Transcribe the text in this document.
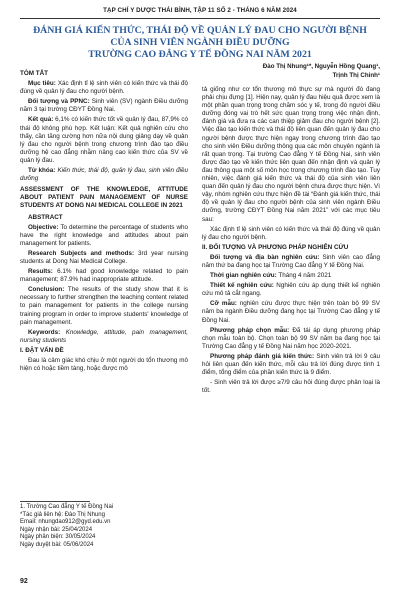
TẠP CHÍ Y DƯỢC THÁI BÌNH, TẬP 11 SỐ 2 - THÁNG 6 NĂM 2024
ĐÁNH GIÁ KIẾN THỨC, THÁI ĐỘ VỀ QUẢN LÝ ĐAU CHO NGƯỜI BỆNH
CỦA SINH VIÊN NGÀNH ĐIỀU DƯỠNG
TRƯỜNG CAO ĐẲNG Y TẾ ĐỒNG NAI NĂM 2021
Đào Thị Nhung¹*, Nguyễn Hồng Quang¹,
Trịnh Thị Chinh¹

TÓM TẮT

Mục tiêu: Xác định tỉ lệ sinh viên có kiến thức và thái độ đúng về quản lý đau cho người bệnh.

Đối tượng và PPNC: Sinh viên (SV) ngành Điều dưỡng năm 3 tại trường CĐYT Đồng Nai.

Kết quả: 6,1% có kiến thức tốt về quản lý đau, 87,9% có thái độ không phù hợp. Kết luận: Kết quả nghiên cứu cho thấy, cần tăng cường hơn nữa nội dung giảng dạy về quản lý đau cho người bệnh trong chương trình đào tạo điều dưỡng hệ cao đẳng nhằm nâng cao kiến thức của SV về quản lý đau.

Từ khóa: Kiến thức, thái độ, quản lý đau, sinh viên điều dưỡng

ASSESSMENT OF THE KNOWLEDGE, ATTITUDE ABOUT PATIENT PAIN MANAGEMENT OF NURSE STUDENTS AT DONG NAI MEDICAL COLLEGE IN 2021

ABSTRACT

Objective: To determine the percentage of students who have the right knowledge and attitudes about pain management for patients.

Research Subjects and methods: 3rd year nursing students at Dong Nai Medical College.

Results: 6.1% had good knowledge related to pain management; 87.9% had inappropriate attitude.

Conclusion: The results of the study show that it is necessary to further strengthen the teaching content related to pain management for patients in the college nursing training program in order to improve students' knowledge of pain management.

Keywords: Knowledge, attitude, pain management, nursing students

I. ĐẶT VẤN ĐỀ

Đau là cảm giác khó chịu ở một người do tổn thương mô hiện có hoặc tiềm tàng, hoặc được mô

1. Trường Cao đẳng Y tế Đồng Nai
*Tác giả liên hệ: Đào Thị Nhung
Email: nhungdao912@gyd.edu.vn
Ngày nhận bài: 25/04/2024
Ngày phản biện: 30/05/2024
Ngày duyệt bài: 05/06/2024

tả giống như cơ tổn thương mô thực sự mà người đó đang phải chịu đựng [1]. Hiện nay, quản lý đau hiệu quả được xem là một phần quan trọng trong chăm sóc y tế, trong đó người điều dưỡng đóng vai trò hết sức quan trọng trong việc nhận định, đánh giá và đưa ra các can thiệp giảm đau cho người bệnh [2]. Việc đào tạo kiến thức và thái độ liên quan đến quản lý đau cho người bệnh được thực hiện ngay trong chương trình đào tạo cho sinh viên Điều dưỡng thông qua các môn chuyên ngành là rất quan trọng. Tại trường Cao đẳng Y tế Đồng Nai, sinh viên được đào tạo về kiến thức liên quan đến nhận định và quản lý đau thông qua một số môn học trong chương trình đào tạo. Tuy nhiên, việc đánh giá kiến thức và thái độ của sinh viên liên quan đến quản lý đau cho người bệnh chưa được thực hiện. Vì vậy, nhóm nghiên cứu thực hiện đề tài “Đánh giá kiến thức, thái độ về quản lý đau cho người bệnh của sinh viên ngành Điều dưỡng, trường CĐYT Đồng Nai năm 2021” với các mục tiêu sau:

Xác định tỉ lệ sinh viên có kiến thức và thái độ đúng về quản lý đau cho người bệnh.

II. ĐỐI TƯỢNG VÀ PHƯƠNG PHÁP NGHIÊN CỨU

Đối tượng và địa bàn nghiên cứu: Sinh viên cao đẳng năm thứ ba đang học tại Trường Cao đẳng Y tế Đồng Nai.

Thời gian nghiên cứu: Tháng 4 năm 2021

Thiết kế nghiên cứu: Nghiên cứu áp dụng thiết kế nghiên cứu mô tả cắt ngang.

Cỡ mẫu: nghiên cứu được thực hiện trên toàn bộ 99 SV năm ba ngành Điều dưỡng đang học tại Trường Cao đẳng y tế Đồng Nai.

Phương pháp chọn mẫu: Đã tái áp dụng phương pháp chọn mẫu toàn bộ. Chọn toàn bộ 99 SV năm ba đang học tại Trường Cao đẳng y tế Đồng Nai năm học 2020-2021.

Phương pháp đánh giá kiến thức: Sinh viên trả lời 9 câu hỏi liên quan đến kiến thức, mỗi câu trả lời đúng được tính 1 điểm, tổng điểm của phần kiến thức là 9 điểm.

- Sinh viên trả lời được ≥7/9 câu hỏi đúng được phân loại là tốt.

92
